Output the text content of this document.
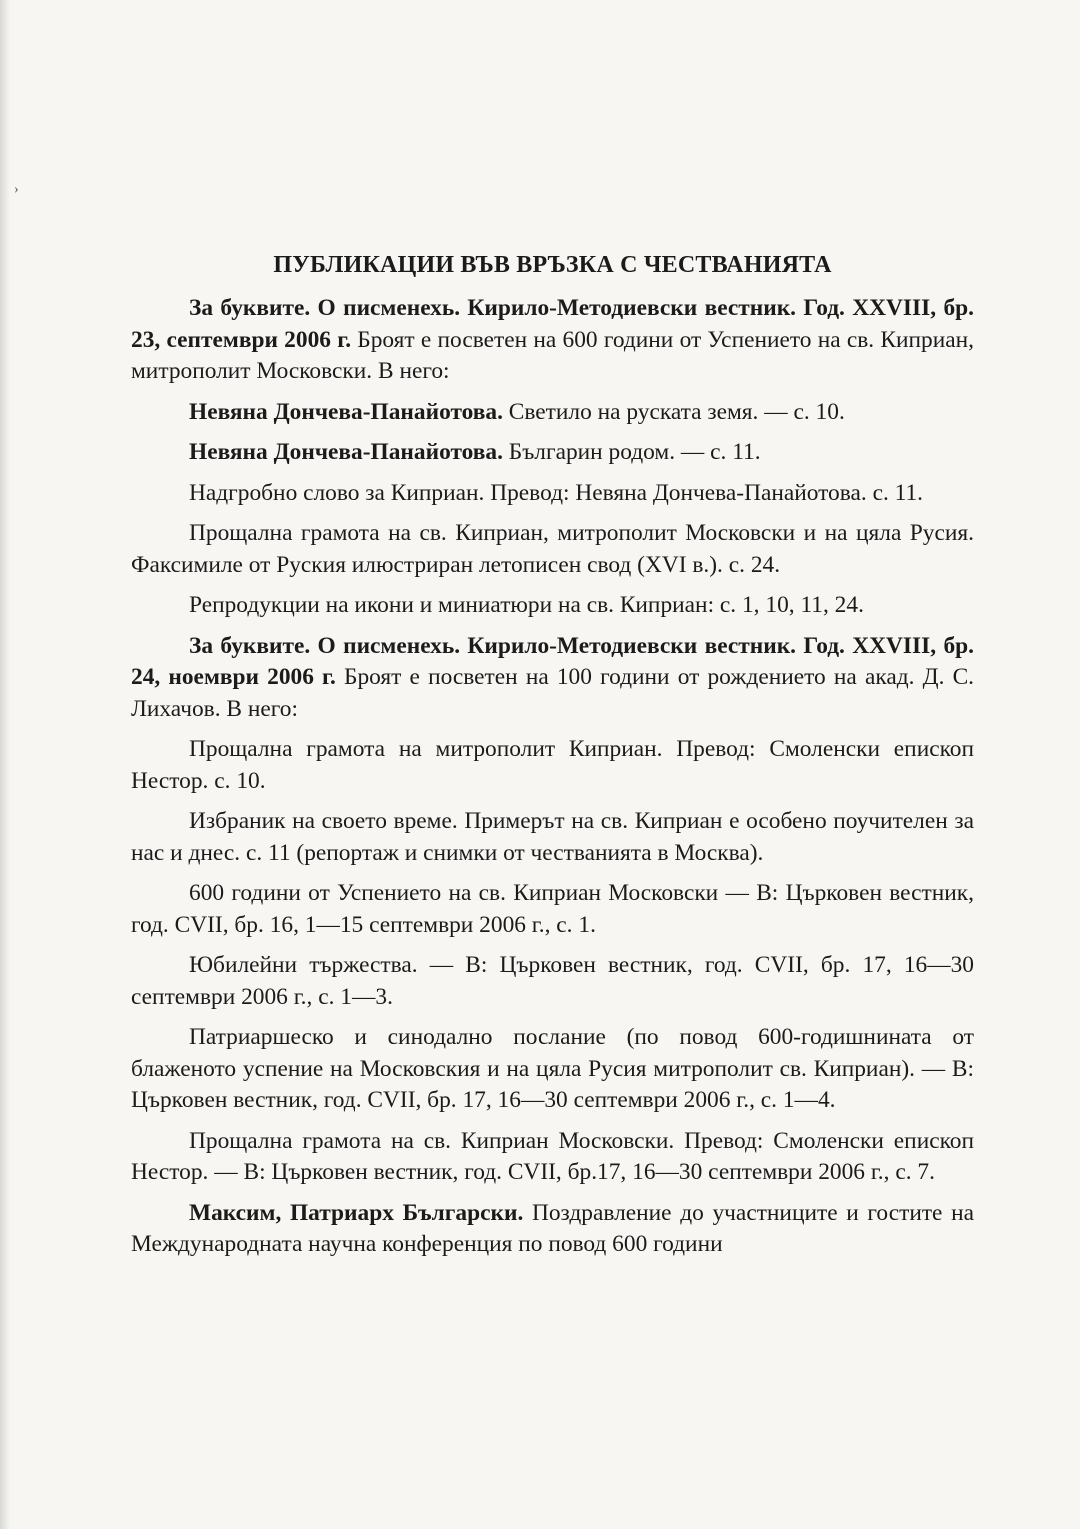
›
ПУБЛИКАЦИИ ВЪВ ВРЪЗКА С ЧЕСТВАНИЯТА

За буквите. О писменехь. Кирило-Методиевски вестник. Год. XXVIII, бр. 23, септември 2006 г. Броят е посветен на 600 години от Успението на св. Киприан, митрополит Московски. В него:

Невяна Дончева-Панайотова. Светило на руската земя. — с. 10.

Невяна Дончева-Панайотова. Българин родом. — с. 11.

Надгробно слово за Киприан. Превод: Невяна Дончева-Панайотова. с. 11.

Прощална грамота на св. Киприан, митрополит Московски и на цяла Русия. Факсимиле от Руския илюстриран летописен свод (XVI в.). с. 24.

Репродукции на икони и миниатюри на св. Киприан: с. 1, 10, 11, 24.

За буквите. О писменехь. Кирило-Методиевски вестник. Год. XXVIII, бр. 24, ноември 2006 г. Броят е посветен на 100 години от рождението на акад. Д. С. Лихачов. В него:

Прощална грамота на митрополит Киприан. Превод: Смоленски епископ Нестор. с. 10.

Избраник на своето време. Примерът на св. Киприан е особено поучителен за нас и днес. с. 11 (репортаж и снимки от честванията в Москва).

600 години от Успението на св. Киприан Московски — В: Църковен вестник, год. CVII, бр. 16, 1—15 септември 2006 г., с. 1.

Юбилейни тържества. — В: Църковен вестник, год. CVII, бр. 17, 16—30 септември 2006 г., с. 1—3.

Патриаршеско и синодално послание (по повод 600-годишнината от блаженото успение на Московския и на цяла Русия митрополит св. Киприан). — В: Църковен вестник, год. CVII, бр. 17, 16—30 септември 2006 г., с. 1—4.

Прощална грамота на св. Киприан Московски. Превод: Смоленски епископ Нестор. — В: Църковен вестник, год. CVII, бр.17, 16—30 септември 2006 г., с. 7.

Максим, Патриарх Български. Поздравление до участниците и гостите на Международната научна конференция по повод 600 години
